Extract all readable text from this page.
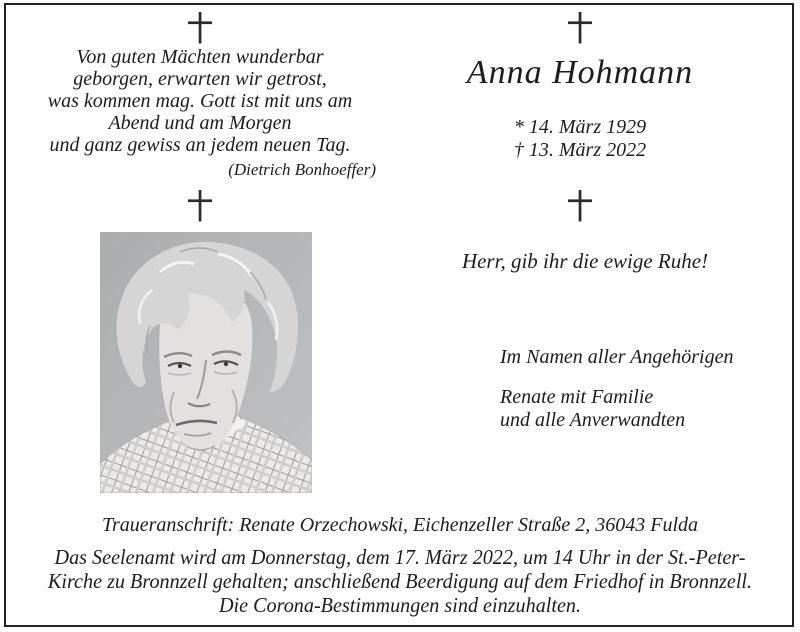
Von guten Mächten wunderbar
geborgen, erwarten wir getrost,
was kommen mag. Gott ist mit uns am
Abend und am Morgen
und ganz gewiss an jedem neuen Tag.
(Dietrich Bonhoeffer)
Anna Hohmann
* 14. März 1929
† 13. März 2022
Herr, gib ihr die ewige Ruhe!
Im Namen aller Angehörigen
Renate mit Familie
und alle Anverwandten
Traueranschrift: Renate Orzechowski, Eichenzeller Straße 2, 36043 Fulda
Das Seelenamt wird am Donnerstag, dem 17. März 2022, um 14 Uhr in der St.-Peter-
Kirche zu Bronnzell gehalten; anschließend Beerdigung auf dem Friedhof in Bronnzell.
Die Corona-Bestimmungen sind einzuhalten.
